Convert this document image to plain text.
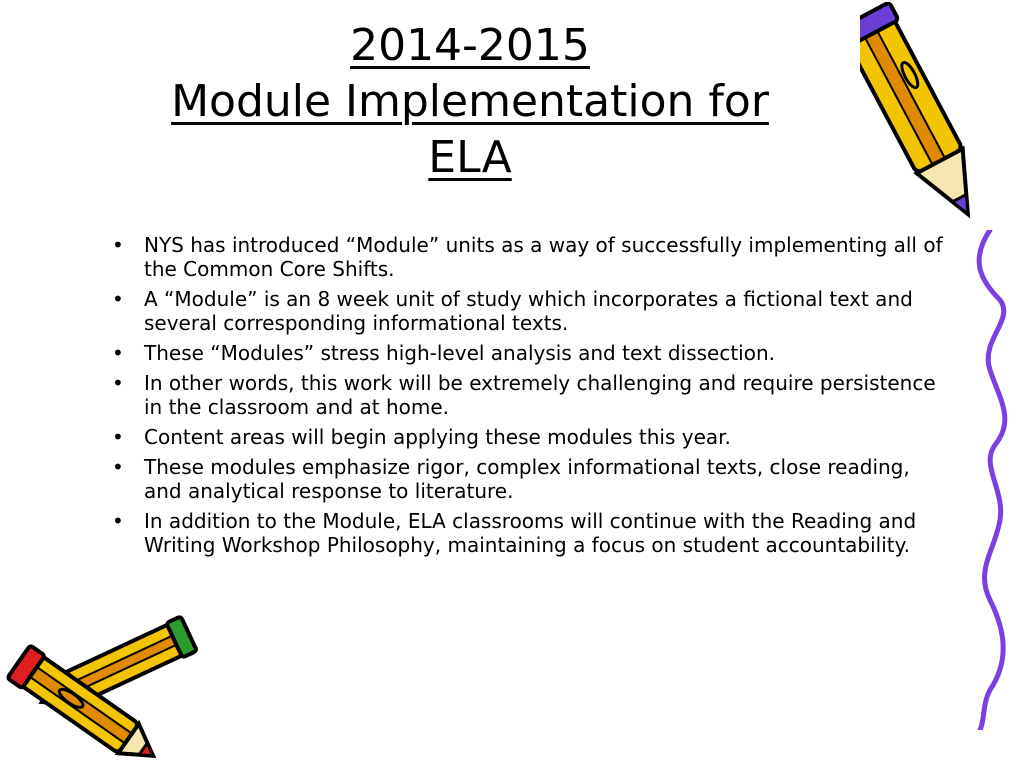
2014-2015
Module Implementation for
ELA
• NYS has introduced “Module” units as a way of successfully implementing all of the Common Core Shifts.
• A “Module” is an 8 week unit of study which incorporates a fictional text and several corresponding informational texts.
• These “Modules” stress high-level analysis and text dissection.
• In other words, this work will be extremely challenging and require persistence in the classroom and at home.
• Content areas will begin applying these modules this year.
• These modules emphasize rigor, complex informational texts, close reading, and analytical response to literature.
• In addition to the Module, ELA classrooms will continue with the Reading and Writing Workshop Philosophy, maintaining a focus on student accountability.
